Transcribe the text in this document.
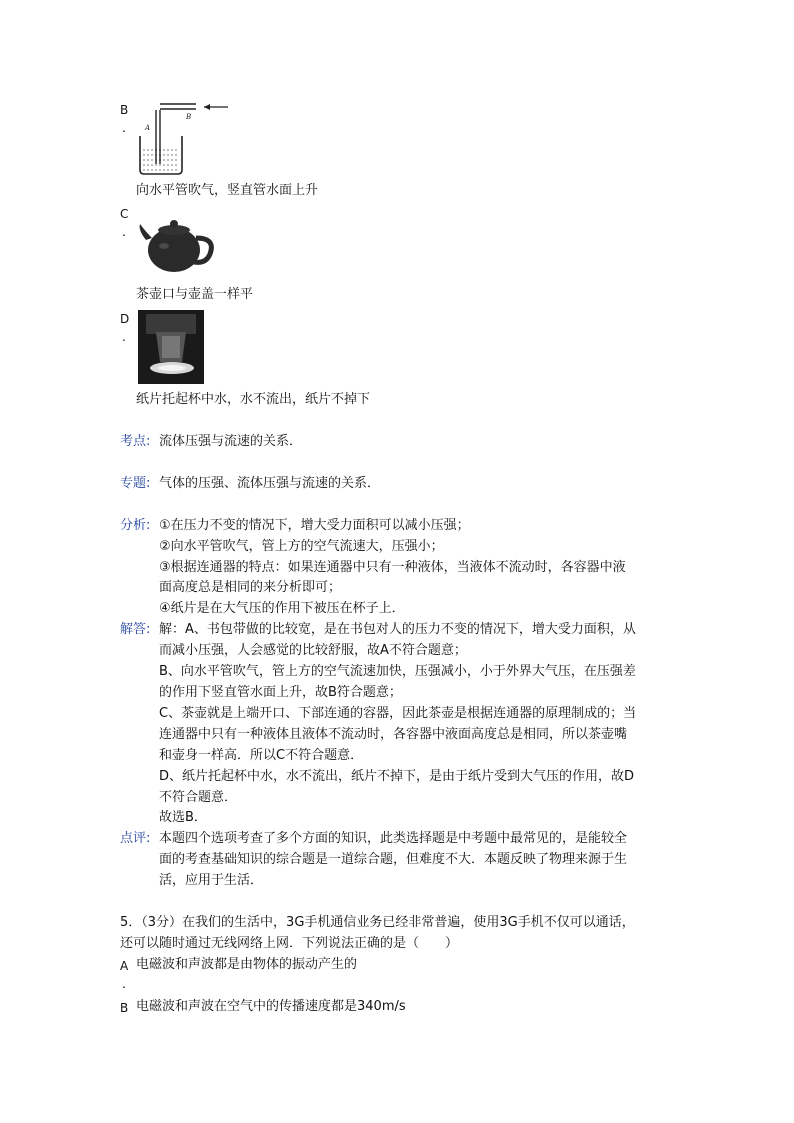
B
.	A
B
向水平管吹气，竖直管水面上升
C
.
茶壶口与壶盖一样平
D
.
纸片托起杯中水，水不流出，纸片不掉下
考点: 流体压强与流速的关系．
专题: 气体的压强、流体压强与流速的关系．
分析: ①在压力不变的情况下，增大受力面积可以减小压强；
②向水平管吹气，管上方的空气流速大，压强小；
③根据连通器的特点：如果连通器中只有一种液体，当液体不流动时，各容器中液
面高度总是相同的来分析即可；
④纸片是在大气压的作用下被压在杯子上．
解答: 解：A、书包带做的比较宽，是在书包对人的压力不变的情况下，增大受力面积，从
而减小压强，人会感觉的比较舒服，故A不符合题意；
B、向水平管吹气，管上方的空气流速加快，压强减小，小于外界大气压，在压强差
的作用下竖直管水面上升，故B符合题意；
C、茶壶就是上端开口、下部连通的容器，因此茶壶是根据连通器的原理制成的；当
连通器中只有一种液体且液体不流动时，各容器中液面高度总是相同，所以茶壶嘴
和壶身一样高．所以C不符合题意．
D、纸片托起杯中水，水不流出，纸片不掉下，是由于纸片受到大气压的作用，故D
不符合题意．
故选B．
点评: 本题四个选项考查了多个方面的知识，此类选择题是中考题中最常见的，是能较全
面的考查基础知识的综合题是一道综合题，但难度不大．本题反映了物理来源于生
活，应用于生活．
5．（3分）在我们的生活中，3G手机通信业务已经非常普遍，使用3G手机不仅可以通话，
还可以随时通过无线网络上网．下列说法正确的是（　　）
A 电磁波和声波都是由物体的振动产生的
.
B 电磁波和声波在空气中的传播速度都是340m/s
